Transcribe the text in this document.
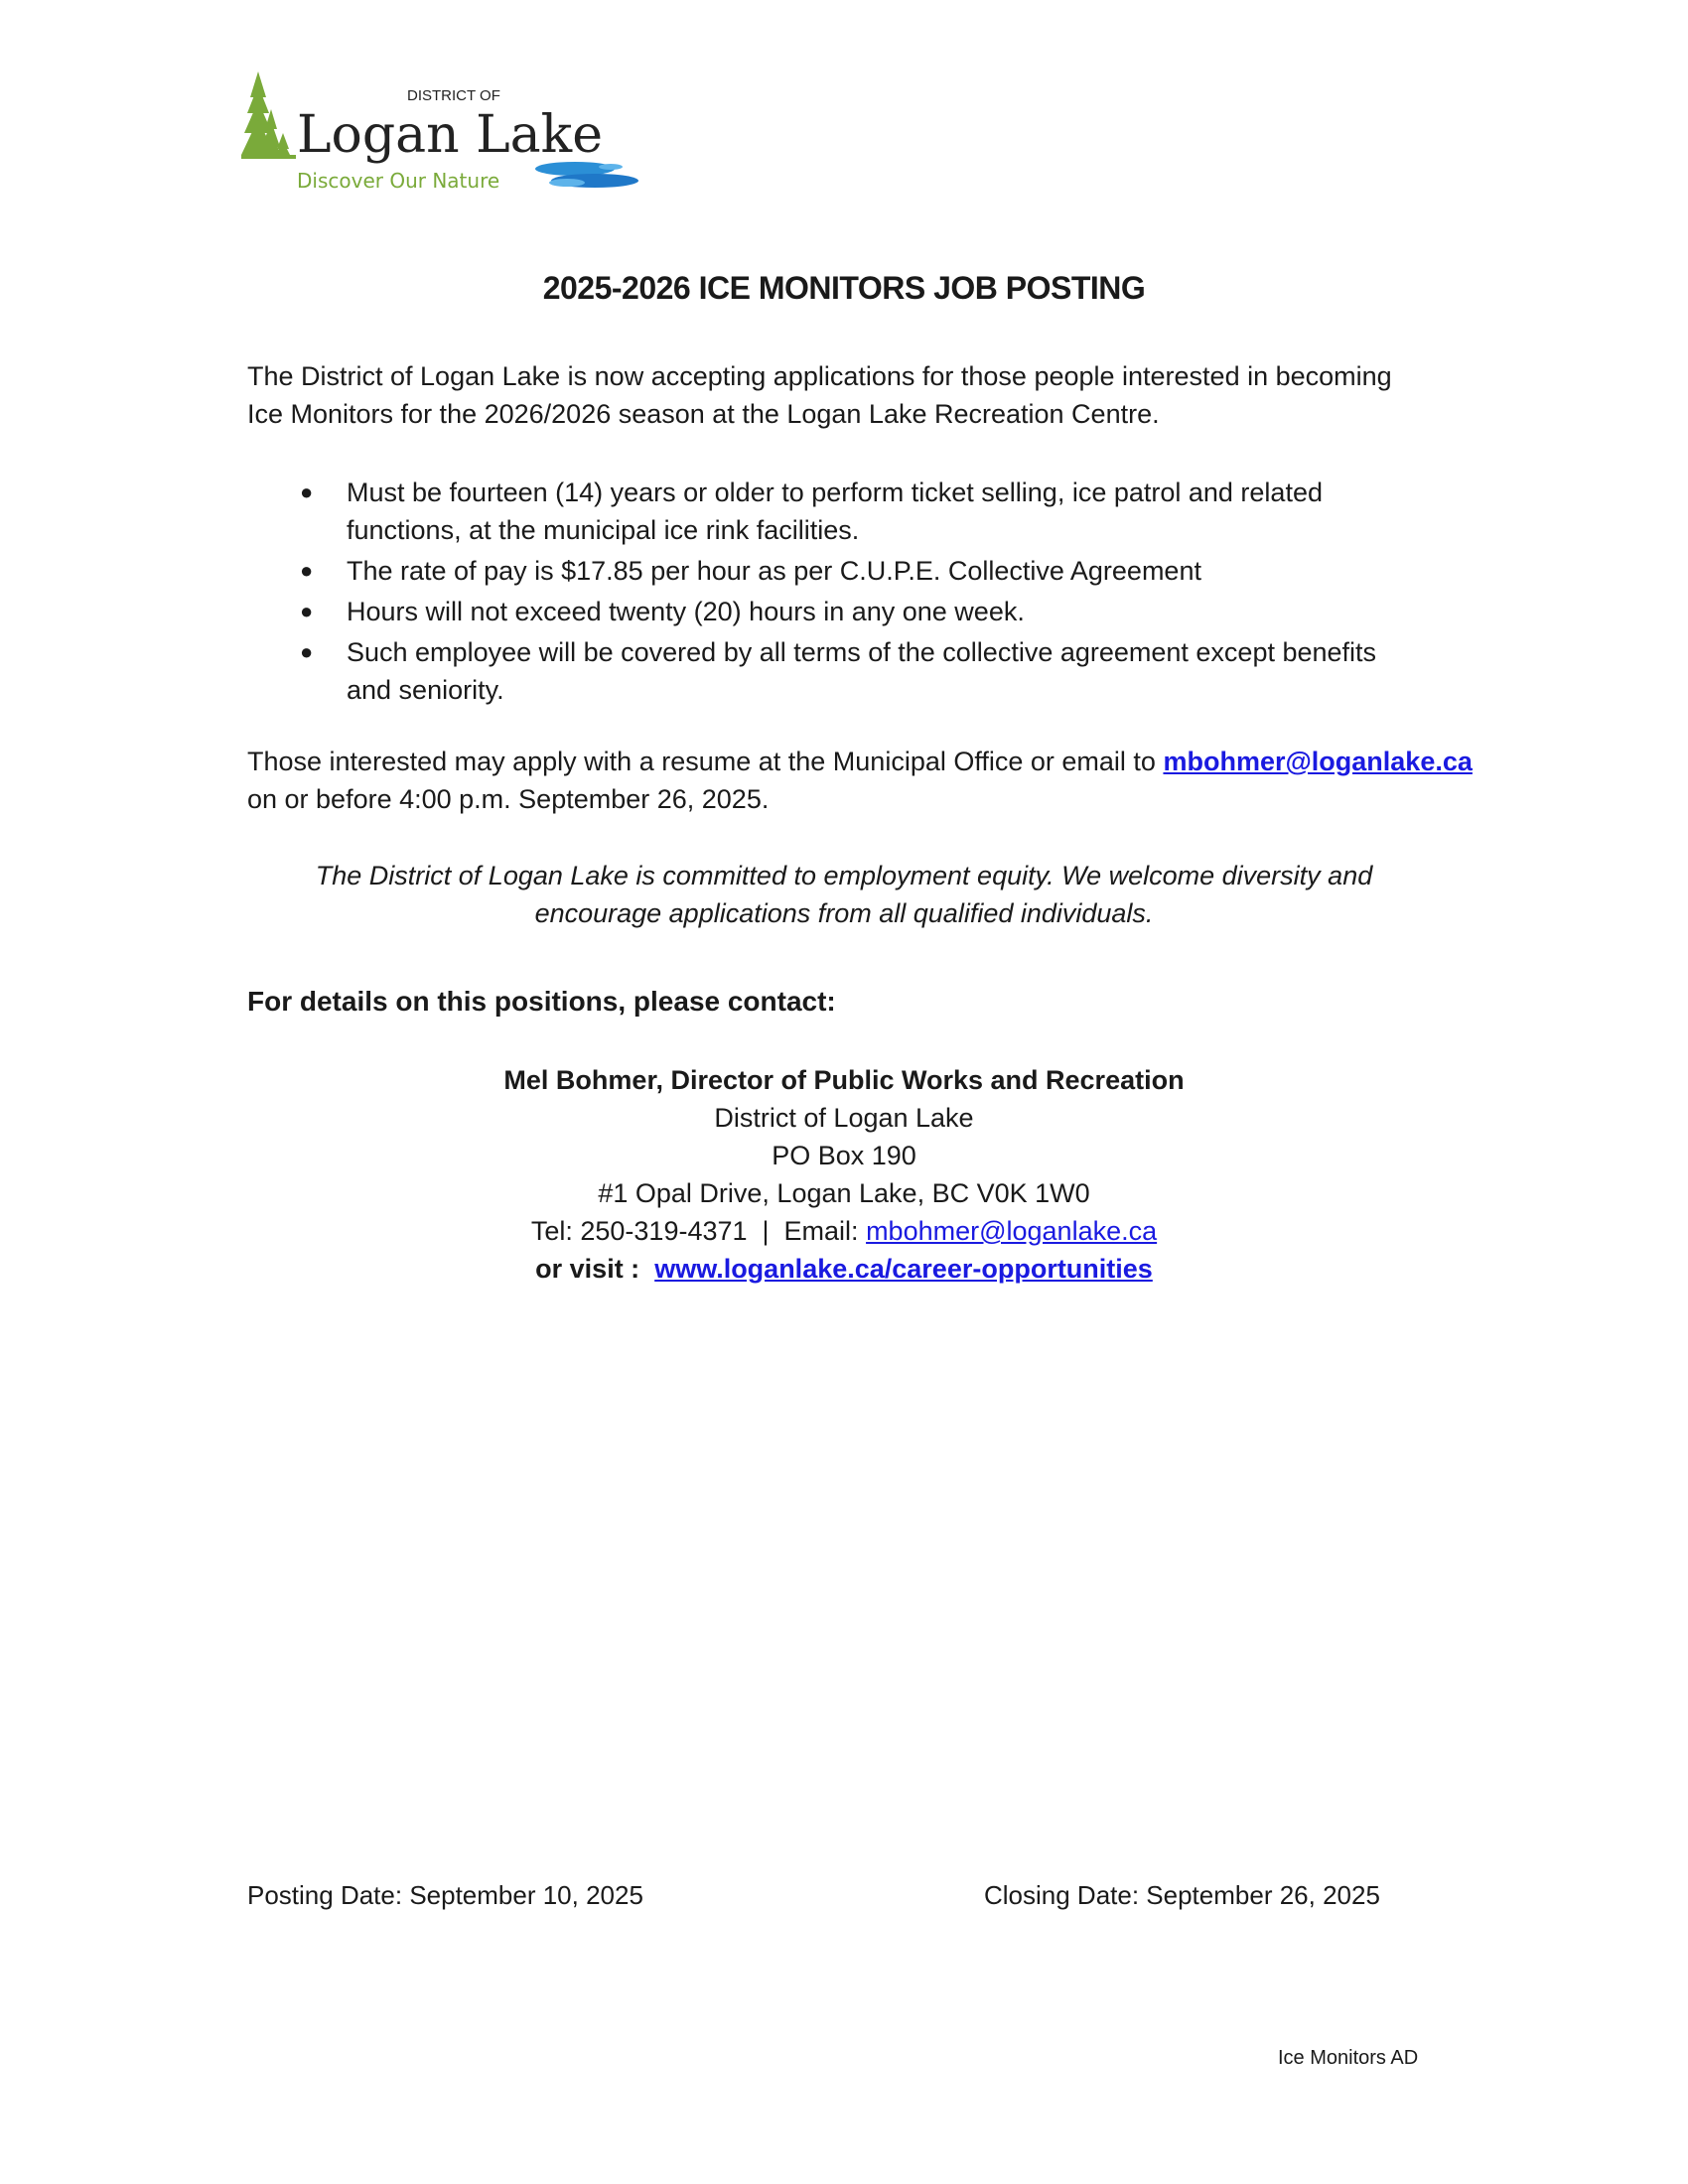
DISTRICT OF
Logan Lake
Discover Our Nature
2025-2026 ICE MONITORS JOB POSTING
The District of Logan Lake is now accepting applications for those people interested in becoming
Ice Monitors for the 2026/2026 season at the Logan Lake Recreation Centre.
● Must be fourteen (14) years or older to perform ticket selling, ice patrol and related
functions, at the municipal ice rink facilities.
● The rate of pay is $17.85 per hour as per C.U.P.E. Collective Agreement
● Hours will not exceed twenty (20) hours in any one week.
● Such employee will be covered by all terms of the collective agreement except benefits
and seniority.
Those interested may apply with a resume at the Municipal Office or email to mbohmer@loganlake.ca
on or before 4:00 p.m. September 26, 2025.
The District of Logan Lake is committed to employment equity. We welcome diversity and
encourage applications from all qualified individuals.
For details on this positions, please contact:
Mel Bohmer, Director of Public Works and Recreation
District of Logan Lake
PO Box 190
#1 Opal Drive, Logan Lake, BC V0K 1W0
Tel: 250-319-4371  |  Email: mbohmer@loganlake.ca
or visit :  www.loganlake.ca/career-opportunities
Posting Date: September 10, 2025	Closing Date: September 26, 2025
Ice Monitors AD
